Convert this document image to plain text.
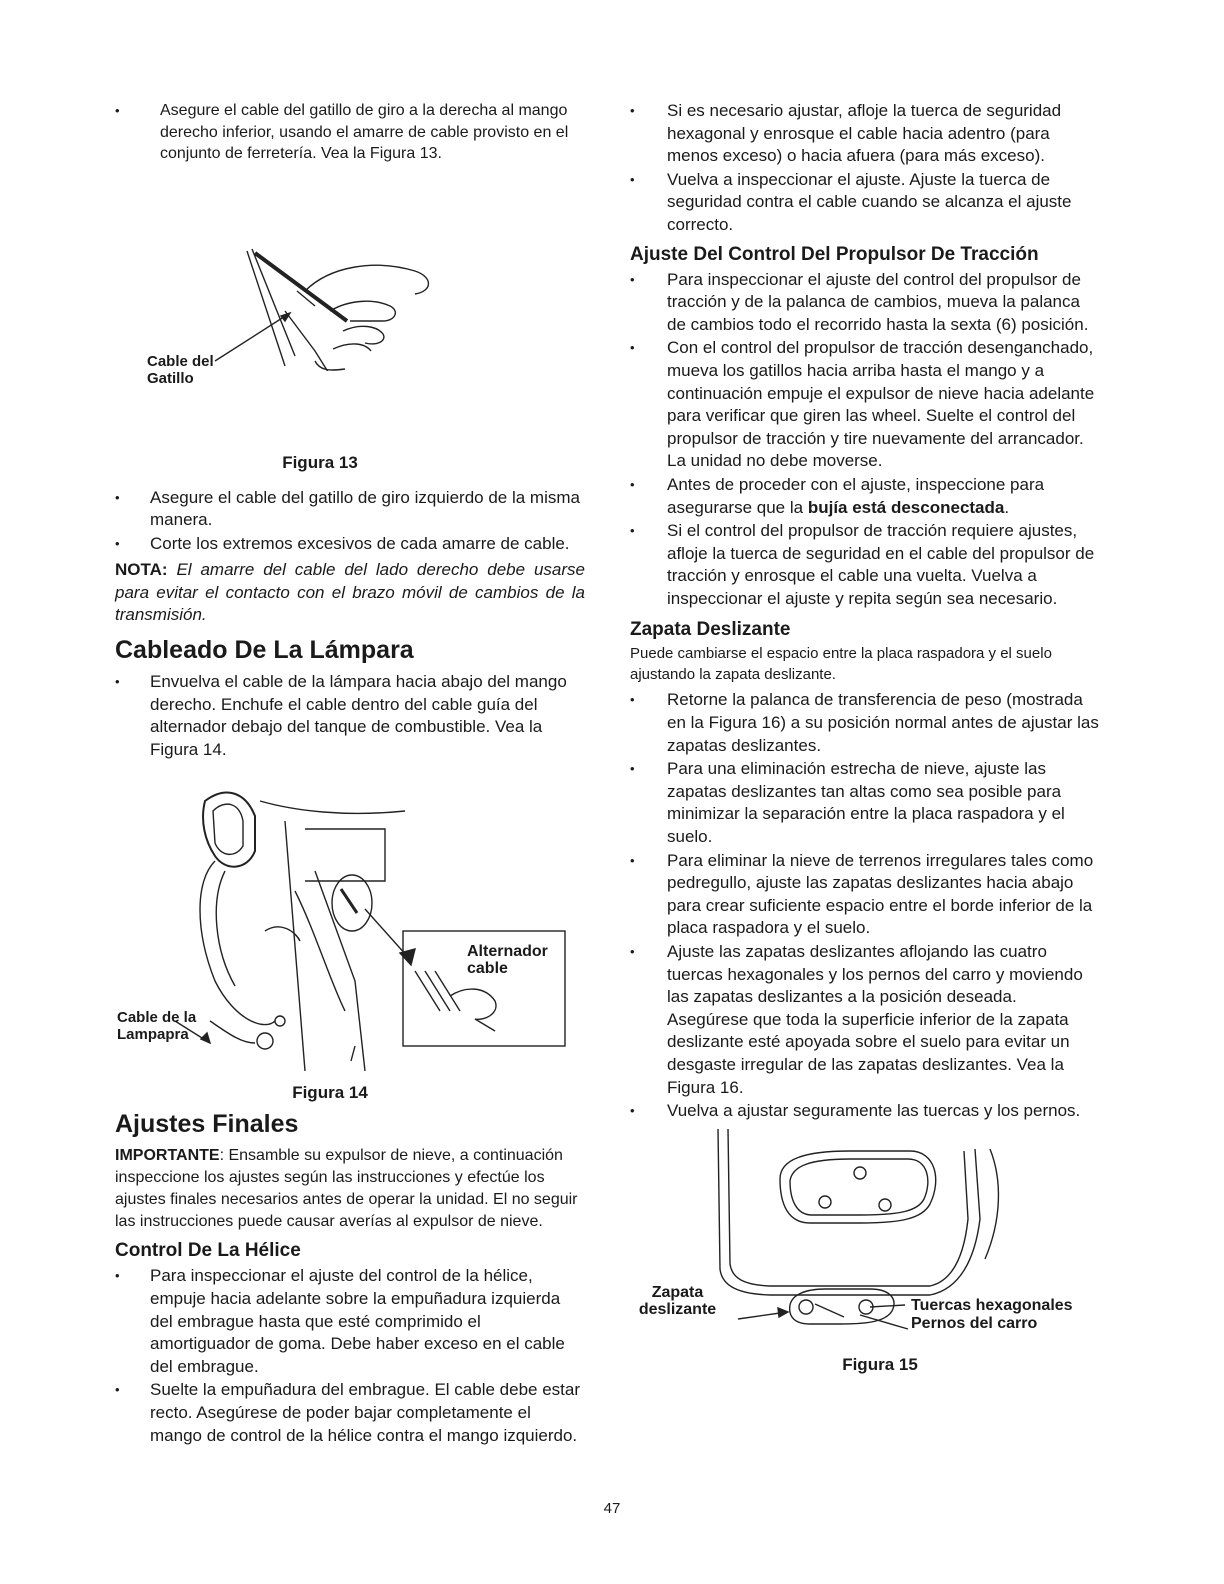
• Asegure el cable del gatillo de giro a la derecha al mango derecho inferior, usando el amarre de cable provisto en el conjunto de ferretería. Vea la Figura 13.
Cable del Gatillo
Figura 13
• Asegure el cable del gatillo de giro izquierdo de la misma manera.
• Corte los extremos excesivos de cada amarre de cable.

NOTA: El amarre del cable del lado derecho debe usarse para evitar el contacto con el brazo móvil de cambios de la transmisión.

Cableado De La Lámpara
• Envuelva el cable de la lámpara hacia abajo del mango derecho. Enchufe el cable dentro del cable guía del alternador debajo del tanque de combustible. Vea la Figura 14.
Cable de la Lampapra
Alternador cable
Figura 14
Ajustes Finales

IMPORTANTE: Ensamble su expulsor de nieve, a continuación inspeccione los ajustes según las instrucciones y efectúe los ajustes finales necesarios antes de operar la unidad. El no seguir las instrucciones puede causar averías al expulsor de nieve.

Control De La Hélice
• Para inspeccionar el ajuste del control de la hélice, empuje hacia adelante sobre la empuñadura izquierda del embrague hasta que esté comprimido el amortiguador de goma. Debe haber exceso en el cable del embrague.
• Suelte la empuñadura del embrague. El cable debe estar recto. Asegúrese de poder bajar completamente el mango de control de la hélice contra el mango izquierdo.
• Si es necesario ajustar, afloje la tuerca de seguridad hexagonal y enrosque el cable hacia adentro (para menos exceso) o hacia afuera (para más exceso).
• Vuelva a inspeccionar el ajuste. Ajuste la tuerca de seguridad contra el cable cuando se alcanza el ajuste correcto.
Ajuste Del Control Del Propulsor De Tracción
• Para inspeccionar el ajuste del control del propulsor de tracción y de la palanca de cambios, mueva la palanca de cambios todo el recorrido hasta la sexta (6) posición.
• Con el control del propulsor de tracción desenganchado, mueva los gatillos hacia arriba hasta el mango y a continuación empuje el expulsor de nieve hacia adelante para verificar que giren las wheel. Suelte el control del propulsor de tracción y tire nuevamente del arrancador. La unidad no debe moverse.
• Antes de proceder con el ajuste, inspeccione para asegurarse que la bujía está desconectada.
• Si el control del propulsor de tracción requiere ajustes, afloje la tuerca de seguridad en el cable del propulsor de tracción y enrosque el cable una vuelta. Vuelva a inspeccionar el ajuste y repita según sea necesario.
Zapata Deslizante

Puede cambiarse el espacio entre la placa raspadora y el suelo ajustando la zapata deslizante.

• Retorne la palanca de transferencia de peso (mostrada en la Figura 16) a su posición normal antes de ajustar las zapatas deslizantes.
• Para una eliminación estrecha de nieve, ajuste las zapatas deslizantes tan altas como sea posible para minimizar la separación entre la placa raspadora y el suelo.
• Para eliminar la nieve de terrenos irregulares tales como pedregullo, ajuste las zapatas deslizantes hacia abajo para crear suficiente espacio entre el borde inferior de la placa raspadora y el suelo.
• Ajuste las zapatas deslizantes aflojando las cuatro tuercas hexagonales y los pernos del carro y moviendo las zapatas deslizantes a la posición deseada. Asegúrese que toda la superficie inferior de la zapata deslizante esté apoyada sobre el suelo para evitar un desgaste irregular de las zapatas deslizantes. Vea la Figura 16.
• Vuelva a ajustar seguramente las tuercas y los pernos.
Zapata deslizante	Tuercas hexagonales
Pernos del carro
Figura 15
47
